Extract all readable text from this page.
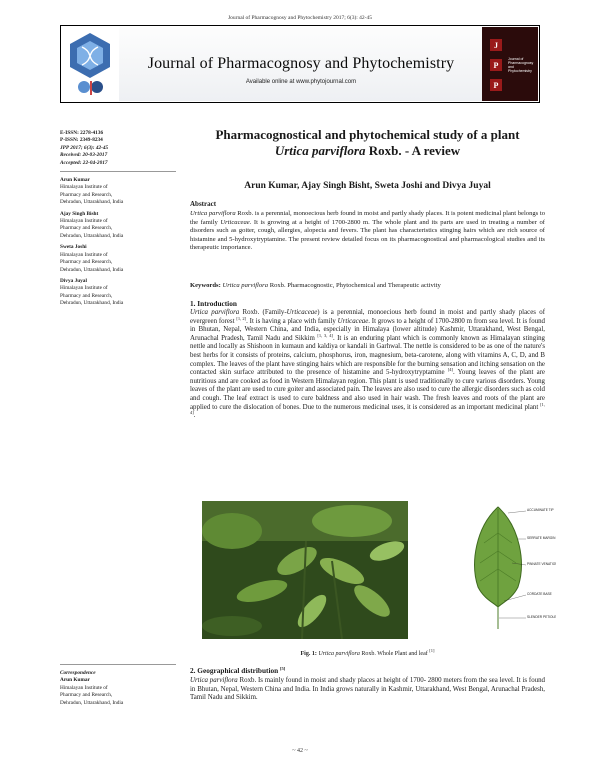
Journal of Pharmacognosy and Phytochemistry 2017; 6(3): 42-45
Journal of Pharmacognosy and Phytochemistry
Available online at www.phytojournal.com
J
P
P
Journal of
Pharmacognosy
and
Phytochemistry
E-ISSN: 2278-4136
P-ISSN: 2349-8234
JPP 2017; 6(3): 42-45
Received: 20-03-2017
Accepted: 22-04-2017
Arun Kumar
Himalayan Institute of
Pharmacy and Research,
Dehradun, Uttarakhand, India
Ajay Singh Bisht
Himalayan Institute of
Pharmacy and Research,
Dehradun, Uttarakhand, India
Sweta Joshi
Himalayan Institute of
Pharmacy and Research,
Dehradun, Uttarakhand, India
Divya Juyal
Himalayan Institute of
Pharmacy and Research,
Dehradun, Uttarakhand, India
Correspondence
Arun Kumar
Himalayan Institute of
Pharmacy and Research,
Dehradun, Uttarakhand, India
Pharmacognostical and phytochemical study of a plant
Urtica parviflora Roxb. - A review
Arun Kumar, Ajay Singh Bisht, Sweta Joshi and Divya Juyal
Abstract
Urtica parviflora Roxb. is a perennial, monoecious herb found in moist and partly shady places. It is potent medicinal plant belongs to the family Urticaceae. It is growing at a height of 1700-2800 m. The whole plant and its parts are used in treating a number of disorders such as goiter, cough, allergies, alopecia and fevers. The plant has characteristics stinging hairs which are rich source of histamine and 5-hydroxytryptamine. The present review detailed focus on its pharmacognostical and pharmacological studies and its therapeutic importance.
Keywords: Urtica parviflora Roxb. Pharmacognostic, Phytochemical and Therapeutic activity
1. Introduction
Urtica parviflora Roxb. (Family-Urticaceae) is a perennial, monoecious herb found in moist and partly shady places of evergreen forest [1, 2]. It is having a place with family Urticaceae. It grows to a height of 1700-2800 m from sea level. It is found in Bhutan, Nepal, Western China, and India, especially in Himalaya (lower altitude) Kashmir, Uttarakhand, West Bengal, Arunachal Pradesh, Tamil Nadu and Sikkim [1, 3, 4]. It is an enduring plant which is commonly known as Himalayan stinging nettle and locally as Shishoon in kumaun and kaldiya or kandali in Garhwal. The nettle is considered to be as one of the nature's best herbs for it consists of proteins, calcium, phosphorus, iron, magnesium, beta-carotene, along with vitamins A, C, D, and B complex. The leaves of the plant have stinging hairs which are responsible for the burning sensation and itching sensation on the contacted skin surface attributed to the presence of histamine and 5-hydroxytryptamine [4]. Young leaves of the plant are nutritious and are cooked as food in Western Himalayan region. This plant is used traditionally to cure various disorders. Young leaves of the plant are used to cure goiter and associated pain. The leaves are also used to cure the allergic disorders such as cold and cough. The leaf extract is used to cure baldness and also used in hair wash. The fresh leaves and roots of the plant are applied to cure the dislocation of bones. Due to the numerous medicinal uses, it is considered as an important medicinal plant [1, 4].
ACCUMINATE TIP
SERRATE MARGIN
PINNATE VENATION
CORDATE BASE
SLENDER PETIOLE
Fig. 1: Urtica parviflora Roxb. Whole Plant and leaf [1]
2. Geographical distribution [5]
Urtica parviflora Roxb. Is mainly found in moist and shady places at height of 1700- 2800 meters from the sea level. It is found in Bhutan, Nepal, Western China and India. In India grows naturally in Kashmir, Uttarakhand, West Bengal, Arunachal Pradesh, Tamil Nadu and Sikkim.
~ 42 ~
